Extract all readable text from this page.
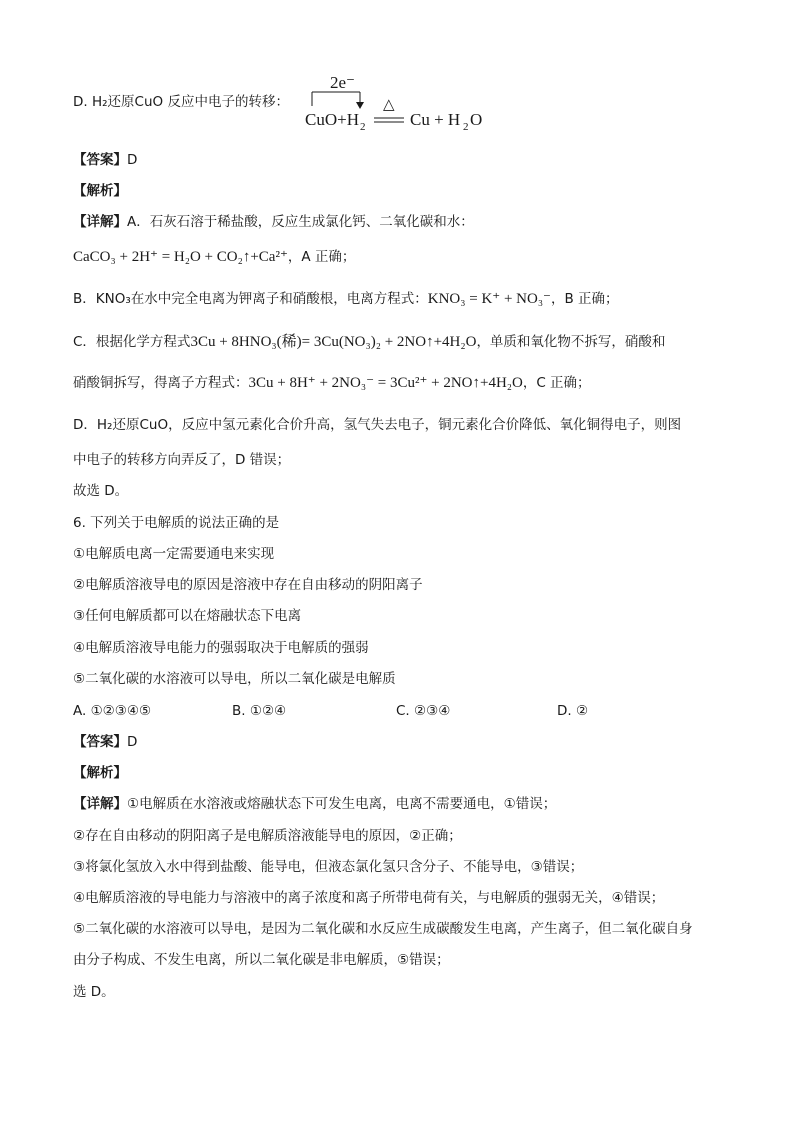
D. H₂还原CuO 反应中电子的转移：
2e⁻
CuO+H 2
△
Cu + H 2 O
【答案】D
【解析】
【详解】A．石灰石溶于稀盐酸，反应生成氯化钙、二氧化碳和水：
CaCO₃ + 2H⁺ = H₂O + CO₂↑+Ca²⁺，A 正确；
B．KNO₃在水中完全电离为钾离子和硝酸根，电离方程式：KNO₃ = K⁺ + NO₃⁻，B 正确；
C．根据化学方程式3Cu + 8HNO₃(稀)= 3Cu(NO₃)₂ + 2NO↑+4H₂O，单质和氧化物不拆写，硝酸和
硝酸铜拆写，得离子方程式：3Cu + 8H⁺ + 2NO₃⁻ = 3Cu²⁺ + 2NO↑+4H₂O，C 正确；
D．H₂还原CuO，反应中氢元素化合价升高，氢气失去电子，铜元素化合价降低、氧化铜得电子，则图
中电子的转移方向弄反了，D 错误；
故选 D。
6. 下列关于电解质的说法正确的是
①电解质电离一定需要通电来实现
②电解质溶液导电的原因是溶液中存在自由移动的阴阳离子
③任何电解质都可以在熔融状态下电离
④电解质溶液导电能力的强弱取决于电解质的强弱
⑤二氧化碳的水溶液可以导电，所以二氧化碳是电解质
A. ①②③④⑤	B. ①②④	C. ②③④	D. ②
【答案】D
【解析】
【详解】①电解质在水溶液或熔融状态下可发生电离，电离不需要通电，①错误；
②存在自由移动的阴阳离子是电解质溶液能导电的原因，②正确；
③将氯化氢放入水中得到盐酸、能导电，但液态氯化氢只含分子、不能导电，③错误；
④电解质溶液的导电能力与溶液中的离子浓度和离子所带电荷有关，与电解质的强弱无关，④错误；
⑤二氧化碳的水溶液可以导电，是因为二氧化碳和水反应生成碳酸发生电离，产生离子，但二氧化碳自身
由分子构成、不发生电离，所以二氧化碳是非电解质，⑤错误；
选 D。
